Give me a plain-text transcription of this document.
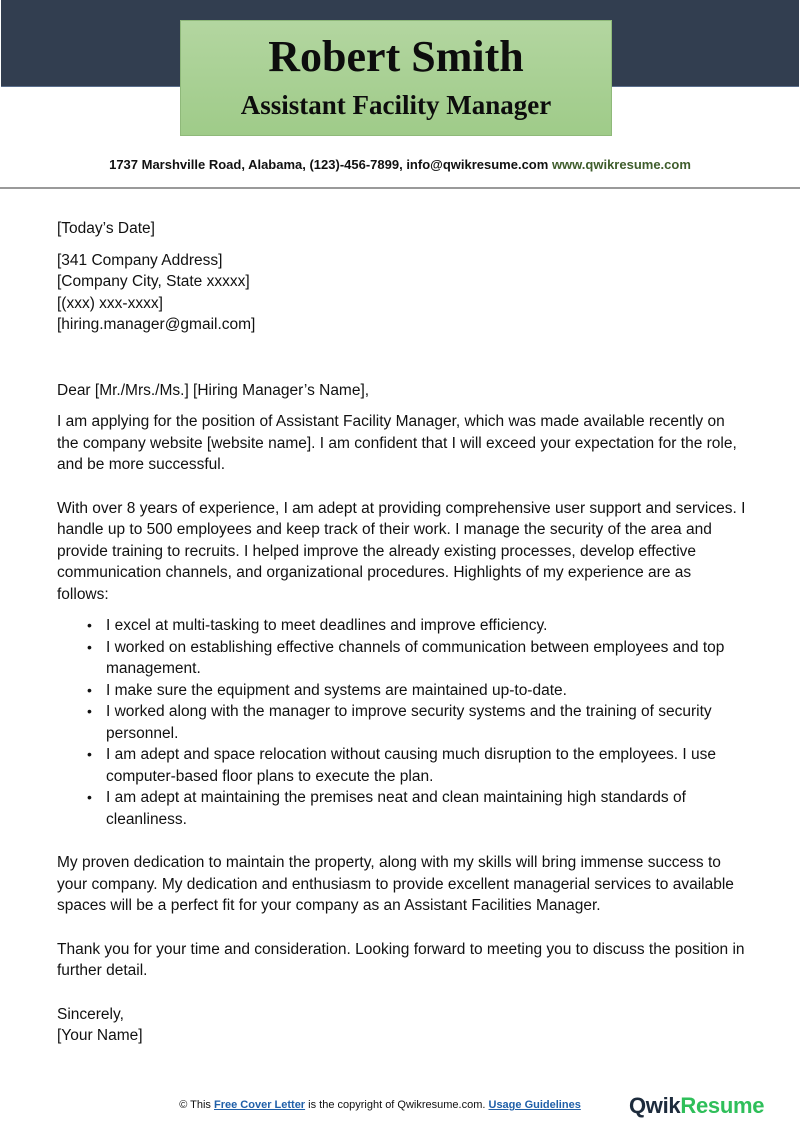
Robert Smith
Assistant Facility Manager
1737 Marshville Road, Alabama, (123)-456-7899, info@qwikresume.com www.qwikresume.com

[Today’s Date]

[341 Company Address]

[Company City, State xxxxx]

[(xxx) xxx-xxxx]

[hiring.manager@gmail.com]

Dear [Mr./Mrs./Ms.] [Hiring Manager’s Name],

I am applying for the position of Assistant Facility Manager, which was made available recently on the company website [website name]. I am confident that I will exceed your expectation for the role, and be more successful.

With over 8 years of experience, I am adept at providing comprehensive user support and services. I handle up to 500 employees and keep track of their work. I manage the security of the area and provide training to recruits. I helped improve the already existing processes, develop effective communication channels, and organizational procedures. Highlights of my experience are as follows:

• I excel at multi-tasking to meet deadlines and improve efficiency.
• I worked on establishing effective channels of communication between employees and top management.
• I make sure the equipment and systems are maintained up-to-date.
• I worked along with the manager to improve security systems and the training of security personnel.
• I am adept and space relocation without causing much disruption to the employees. I use computer-based floor plans to execute the plan.
• I am adept at maintaining the premises neat and clean maintaining high standards of cleanliness.

My proven dedication to maintain the property, along with my skills will bring immense success to your company. My dedication and enthusiasm to provide excellent managerial services to available spaces will be a perfect fit for your company as an Assistant Facilities Manager.

Thank you for your time and consideration. Looking forward to meeting you to discuss the position in further detail.

Sincerely,

[Your Name]

© This Free Cover Letter is the copyright of Qwikresume.com. Usage Guidelines	QwikResume
